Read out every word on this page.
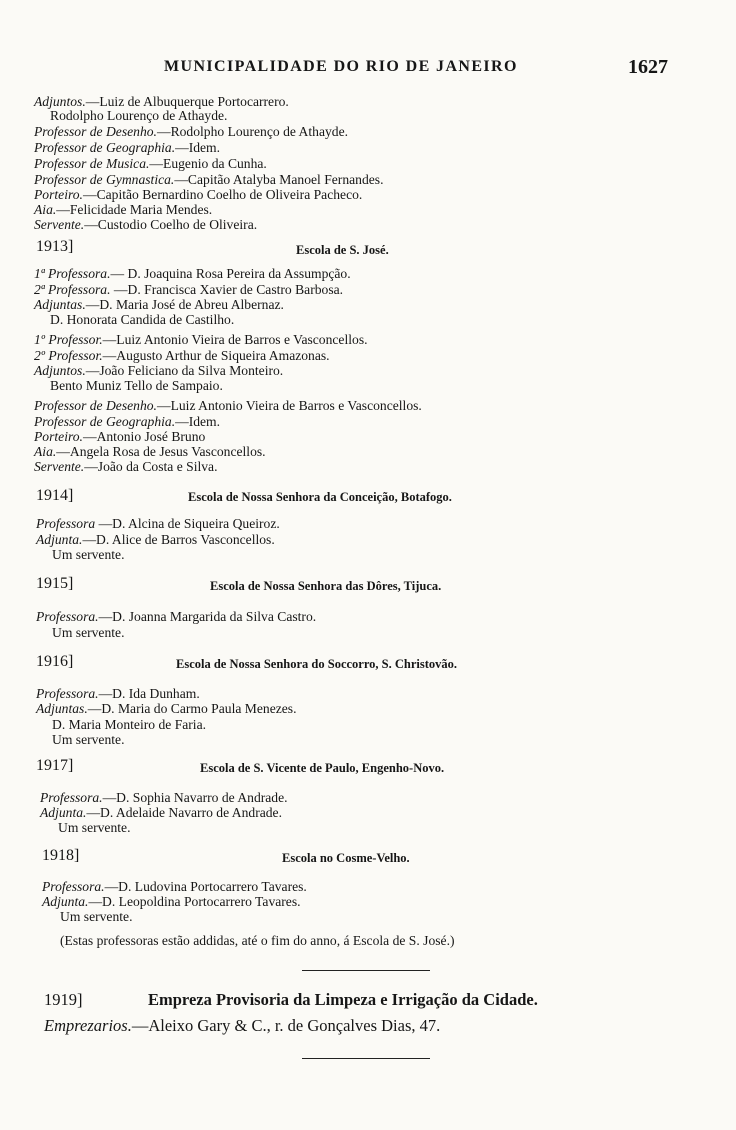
MUNICIPALIDADE DO RIO DE JANEIRO	1627
Adjuntos.—Luiz de Albuquerque Portocarrero.
Rodolpho Lourenço de Athayde.
Professor de Desenho.—Rodolpho Lourenço de Athayde.
Professor de Geographia.—Idem.
Professor de Musica.—Eugenio da Cunha.
Professor de Gymnastica.—Capitão Atalyba Manoel Fernandes.
Porteiro.—Capitão Bernardino Coelho de Oliveira Pacheco.
Aia.—Felicidade Maria Mendes.
Servente.—Custodio Coelho de Oliveira.
1913]	Escola de S. José.
1ª Professora.— D. Joaquina Rosa Pereira da Assumpção.
2ª Professora. —D. Francisca Xavier de Castro Barbosa.
Adjuntas.—D. Maria José de Abreu Albernaz.
D. Honorata Candida de Castilho.
1º Professor.—Luiz Antonio Vieira de Barros e Vasconcellos.
2º Professor.—Augusto Arthur de Siqueira Amazonas.
Adjuntos.—João Feliciano da Silva Monteiro.
Bento Muniz Tello de Sampaio.
Professor de Desenho.—Luiz Antonio Vieira de Barros e Vasconcellos.
Professor de Geographia.—Idem.
Porteiro.—Antonio José Bruno
Aia.—Angela Rosa de Jesus Vasconcellos.
Servente.—João da Costa e Silva.
1914]	Escola de Nossa Senhora da Conceição, Botafogo.
Professora —D. Alcina de Siqueira Queiroz.
Adjunta.—D. Alice de Barros Vasconcellos.
Um servente.
1915]	Escola de Nossa Senhora das Dôres, Tijuca.
Professora.—D. Joanna Margarida da Silva Castro.
Um servente.
1916]	Escola de Nossa Senhora do Soccorro, S. Christovão.
Professora.—D. Ida Dunham.
Adjuntas.—D. Maria do Carmo Paula Menezes.
D. Maria Monteiro de Faria.
Um servente.
1917]	Escola de S. Vicente de Paulo, Engenho-Novo.
Professora.—D. Sophia Navarro de Andrade.
Adjunta.—D. Adelaide Navarro de Andrade.
Um servente.
1918]	Escola no Cosme-Velho.
Professora.—D. Ludovina Portocarrero Tavares.
Adjunta.—D. Leopoldina Portocarrero Tavares.
Um servente.
(Estas professoras estão addidas, até o fim do anno, á Escola de S. José.)
1919]	Empreza Provisoria da Limpeza e Irrigação da Cidade.
Emprezarios.—Aleixo Gary & C., r. de Gonçalves Dias, 47.
